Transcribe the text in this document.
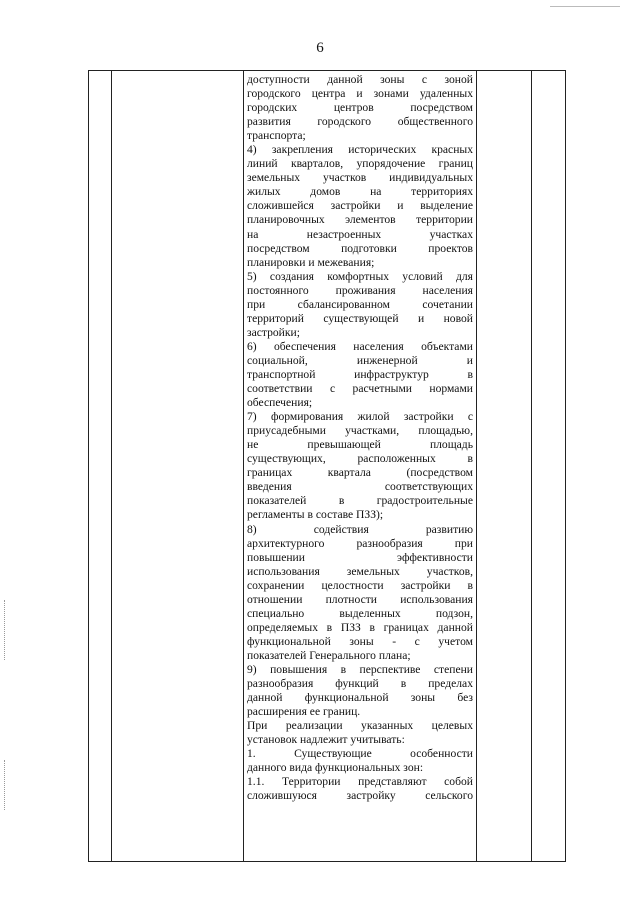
6
доступности данной зоны с зоной
городского центра и зонами удаленных
городских центров посредством
развития городского общественного
транспорта;
4) закрепления исторических красных
линий кварталов, упорядочение границ
земельных участков индивидуальных
жилых домов на территориях
сложившейся застройки и выделение
планировочных элементов территории
на незастроенных участках
посредством подготовки проектов
планировки и межевания;
5) создания комфортных условий для
постоянного проживания населения
при сбалансированном сочетании
территорий существующей и новой
застройки;
6) обеспечения населения объектами
социальной, инженерной и
транспортной инфраструктур в
соответствии с расчетными нормами
обеспечения;
7) формирования жилой застройки с
приусадебными участками, площадью,
не превышающей площадь
существующих, расположенных в
границах квартала (посредством
введения соответствующих
показателей в градостроительные
регламенты в составе ПЗЗ);
8) содействия развитию
архитектурного разнообразия при
повышении эффективности
использования земельных участков,
сохранении целостности застройки в
отношении плотности использования
специально выделенных подзон,
определяемых в ПЗЗ в границах данной
функциональной зоны - с учетом
показателей Генерального плана;
9) повышения в перспективе степени
разнообразия функций в пределах
данной функциональной зоны без
расширения ее границ.
При реализации указанных целевых
установок надлежит учитывать:
1. Существующие особенности
данного вида функциональных зон:
1.1. Территории представляют собой
сложившуюся застройку сельского
